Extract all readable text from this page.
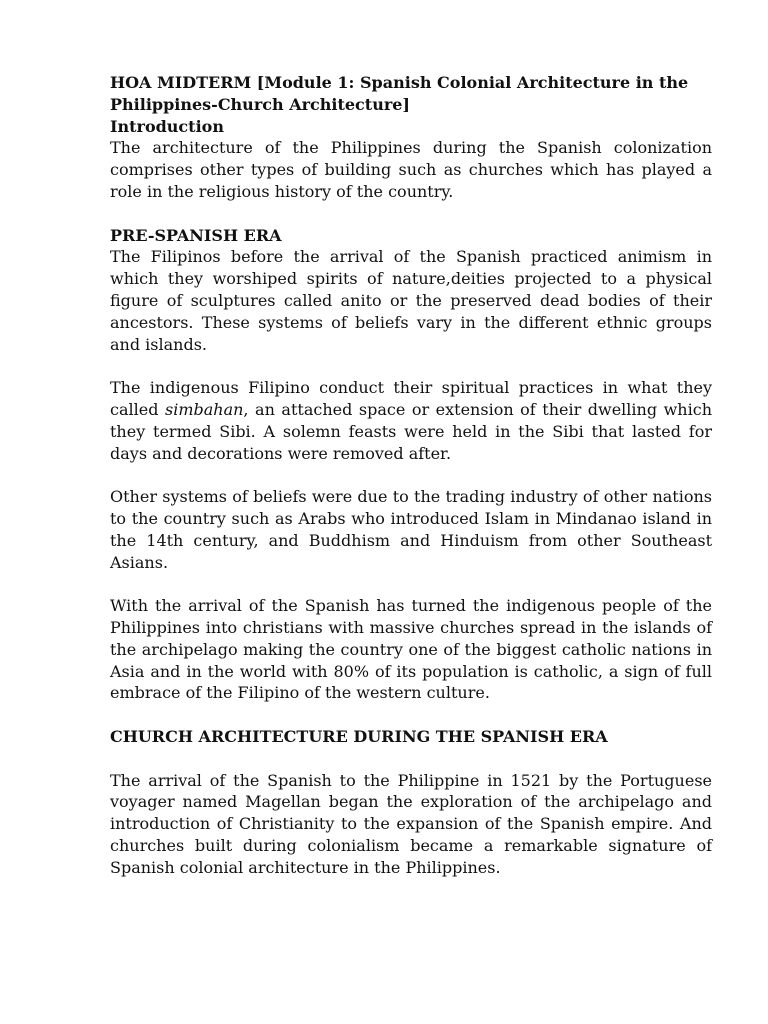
HOA MIDTERM [Module 1: Spanish Colonial Architecture in the Philippines-Church Architecture]

Introduction

The architecture of the Philippines during the Spanish colonization comprises other types of building such as churches which has played a role in the religious history of the country.

PRE-SPANISH ERA

The Filipinos before the arrival of the Spanish practiced animism in which they worshiped spirits of nature,deities projected to a physical figure of sculptures called anito or the preserved dead bodies of their ancestors. These systems of beliefs vary in the different ethnic groups and islands.

The indigenous Filipino conduct their spiritual practices in what they called simbahan, an attached space or extension of their dwelling which they termed Sibi. A solemn feasts were held in the Sibi that lasted for days and decorations were removed after.

Other systems of beliefs were due to the trading industry of other nations to the country such as Arabs who introduced Islam in Mindanao island in the 14th century, and Buddhism and Hinduism from other Southeast Asians.

With the arrival of the Spanish has turned the indigenous people of the Philippines into christians with massive churches spread in the islands of the archipelago making the country one of the biggest catholic nations in Asia and in the world with 80% of its population is catholic, a sign of full embrace of the Filipino of the western culture.

CHURCH ARCHITECTURE DURING THE SPANISH ERA

The arrival of the Spanish to the Philippine in 1521 by the Portuguese voyager named Magellan began the exploration of the archipelago and introduction of Christianity to the expansion of the Spanish empire. And churches built during colonialism became a remarkable signature of Spanish colonial architecture in the Philippines.
